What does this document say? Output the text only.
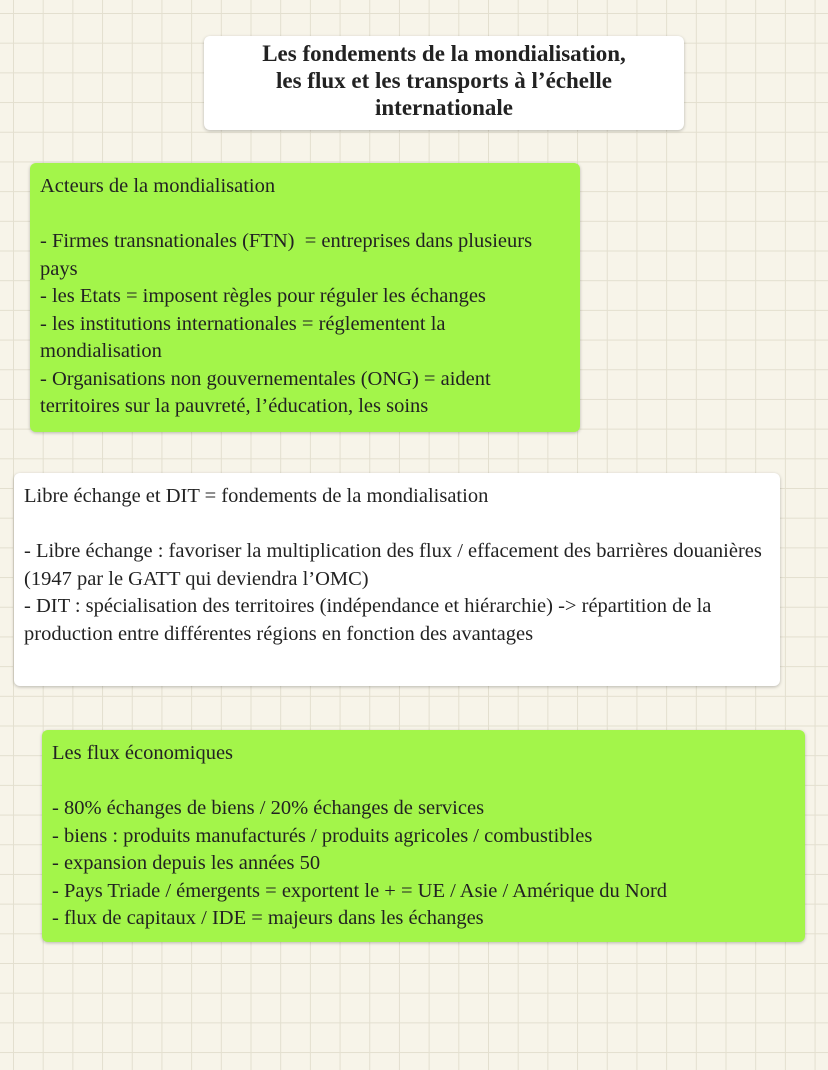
Les fondements de la mondialisation,
les flux et les transports à l’échelle
internationale
Acteurs de la mondialisation
- Firmes transnationales (FTN)  = entreprises dans plusieurs pays
- les Etats = imposent règles pour réguler les échanges
- les institutions internationales = réglementent la mondialisation
- Organisations non gouvernementales (ONG) = aident territoires sur la pauvreté, l’éducation, les soins
Libre échange et DIT = fondements de la mondialisation
- Libre échange : favoriser la multiplication des flux / effacement des barrières douanières (1947 par le GATT qui deviendra l’OMC)
- DIT : spécialisation des territoires (indépendance et hiérarchie) -> répartition de la production entre différentes régions en fonction des avantages
Les flux économiques
- 80% échanges de biens / 20% échanges de services
- biens : produits manufacturés / produits agricoles / combustibles
- expansion depuis les années 50
- Pays Triade / émergents = exportent le + = UE / Asie / Amérique du Nord
- flux de capitaux / IDE = majeurs dans les échanges
